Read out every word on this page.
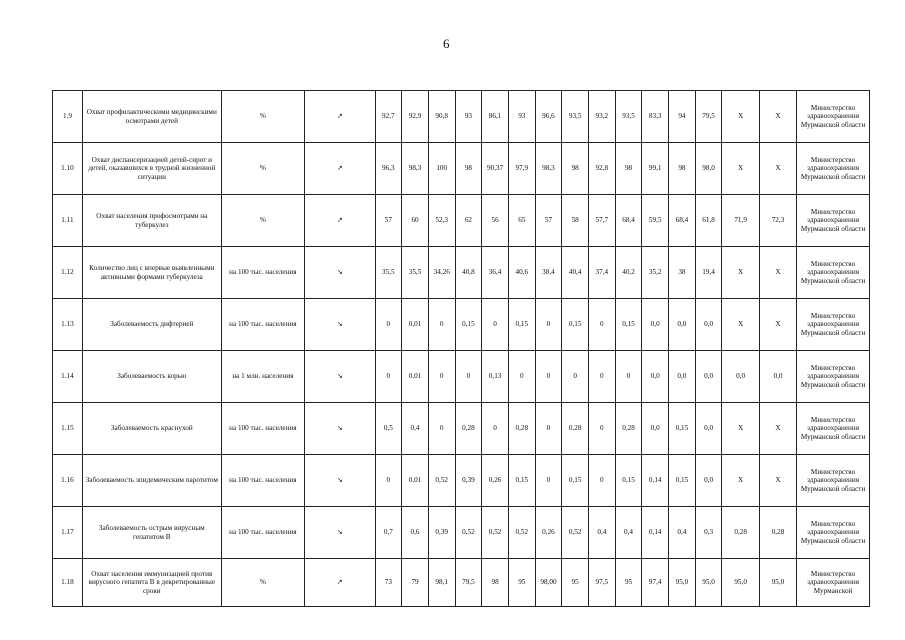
6
1.9	Охват профилактическими медицинскими осмотрами детей	%	↗	92,7	92,9	90,8	93	86,1	93	96,6	93,5	93,2	93,5	83,3	94	79,5	X	X	Министерство здравоохранения Мурманской области
1.10	Охват диспансеризацией детей-сирот и детей, оказавшихся в трудной жизненной ситуации	%	↗	96,3	98,3	100	98	90,37	97,9	98,3	98	92,8	98	99,1	98	98,0	X	X	Министерство здравоохранения Мурманской области
1.11	Охват населения профосмотрами на туберкулез	%	↗	57	60	52,3	62	56	65	57	58	57,7	68,4	59,5	68,4	61,8	71,9	72,3	Министерство здравоохранения Мурманской области
1.12	Количество лиц с впервые выявленными активными формами туберкулеза	на 100 тыс. населения	↘	35,5	35,5	34,26	40,8	36,4	40,6	38,4	40,4	37,4	40,2	35,2	38	19,4	X	X	Министерство здравоохранения Мурманской области
1.13	Заболеваемость дифтерией	на 100 тыс. населения	↘	0	0,01	0	0,15	0	0,15	0	0,15	0	0,15	0,0	0,0	0,0	X	X	Министерство здравоохранения Мурманской области
1.14	Заболеваемость корью	на 1 млн. населения	↘	0	0,01	0	0	0,13	0	0	0	0	0	0,0	0,0	0,0	0,0	0,0	Министерство здравоохранения Мурманской области
1.15	Заболеваемость краснухой	на 100 тыс. населения	↘	0,5	0,4	0	0,28	0	0,28	0	0,28	0	0,28	0,0	0,15	0,0	X	X	Министерство здравоохранения Мурманской области
1.16	Заболеваемость эпидемическим паротитом	на 100 тыс. населения	↘	0	0,01	0,52	0,39	0,26	0,15	0	0,15	0	0,15	0,14	0,15	0,0	X	X	Министерство здравоохранения Мурманской области
1.17	Заболеваемость острым вирусным гепатитом В	на 100 тыс. населения	↘	0,7	0,6	0,39	0,52	0,52	0,52	0,26	0,52	0,4	0,4	0,14	0,4	0,3	0,28	0,28	Министерство здравоохранения Мурманской области
1.18	Охват населения иммунизацией против вирусного гепатита В в декретированные сроки	%	↗	73	79	98,1	79,5	98	95	98,00	95	97,5	95	97,4	95,0	95,0	95,0	95,0	Министерство здравоохранения Мурманской
